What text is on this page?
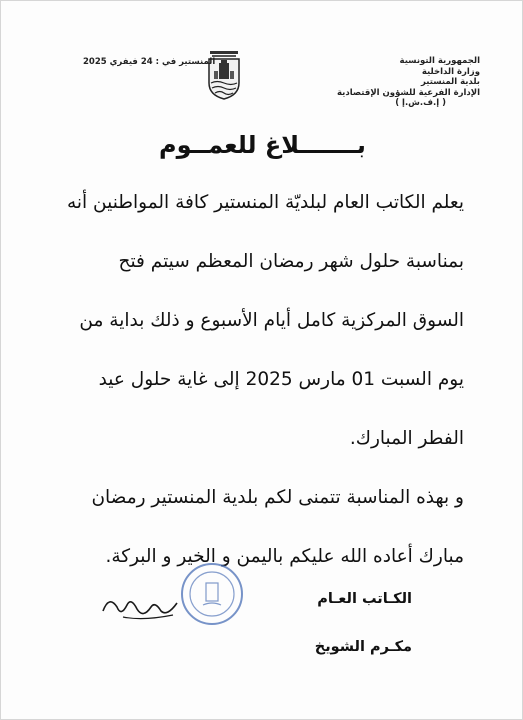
الجمهورية التونسية
وزارة الداخلية
بلدية المنستير
الإدارة الفرعية للشؤون الإقتصادية
( إ.ف.ش.إ )
المنستير في : 24 فيفري 2025
بـــــــلاغ للعمــوم
يعلم الكاتب العام لبلديّة المنستير كافة المواطنين أنه
بمناسبة حلول شهر رمضان المعظم سيتم فتح
السوق المركزية كامل أيام الأسبوع و ذلك بداية من
يوم السبت 01 مارس 2025 إلى غاية حلول عيد
الفطر المبارك.
و بهذه المناسبة تتمنى لكم بلدية المنستير رمضان
مبارك أعاده الله عليكم باليمن و الخير و البركة.
الكـاتب العـام
مكـرم الشويخ
